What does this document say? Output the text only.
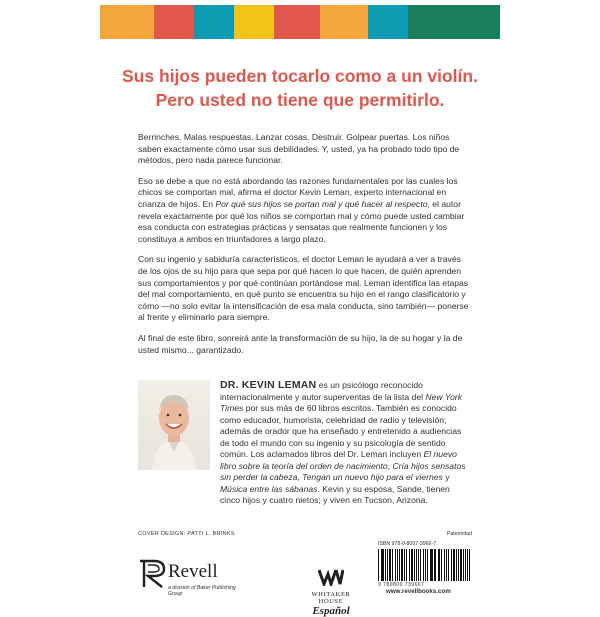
Sus hijos pueden tocarlo como a un violín.
Pero usted no tiene que permitirlo.

Berrinches. Malas respuestas. Lanzar cosas. Destruir. Golpear puertas. Los niños saben exactamente cómo usar sus debilidades. Y, usted, ya ha probado todo tipo de métodos, pero nada parece funcionar.

Eso se debe a que no está abordando las razones fundamentales por las cuales los chicos se comportan mal, afirma el doctor Kevin Leman, experto internacional en crianza de hijos. En Por qué sus hijos se portan mal y qué hacer al respecto, el autor revela exactamente por qué los niños se comportan mal y cómo puede usted cambiar esa conducta con estrategias prácticas y sensatas que realmente funcionen y los constituya a ambos en triunfadores a largo plazo.

Con su ingenio y sabiduría característicos, el doctor Leman le ayudará a ver a través de los ojos de su hijo para que sepa por qué hacen lo que hacen, de quién aprenden sus comportamientos y por qué continúan portándose mal. Leman identifica las etapas del mal comportamiento, en qué punto se encuentra su hijo en el rango clasificatorio y cómo —no solo evitar la intensificación de esa mala conducta, sino también— ponerse al frente y eliminarlo para siempre.

Al final de este libro, sonreirá ante la transformación de su hijo, la de su hogar y la de usted mismo... garantizado.

DR. KEVIN LEMAN es un psicólogo reconocido internacionalmente y autor superventas de la lista del New York Times por sus más de 60 libros escritos. También es conocido como educador, humorista, celebridad de radio y televisión; además de orador que ha enseñado y entretenido a audiencias de todo el mundo con su ingenio y su psicología de sentido común. Los aclamados libros del Dr. Leman incluyen El nuevo libro sobre la teoría del orden de nacimiento, Cría hijos sensatos sin perder la cabeza, Tengan un nuevo hijo para el viernes y Música entre las sábanas. Kevin y su esposa, Sande, tienen cinco hijos y cuatro nietos; y viven en Tucson, Arizona.
COVER DESIGN: PATTI L. BRINKS
Revell
a division of Baker Publishing Group	WHITAKER
HOUSE
Español
Paternidad
ISBN 978-0-8007-3966-7
9 780800 739667
www.revellbooks.com
